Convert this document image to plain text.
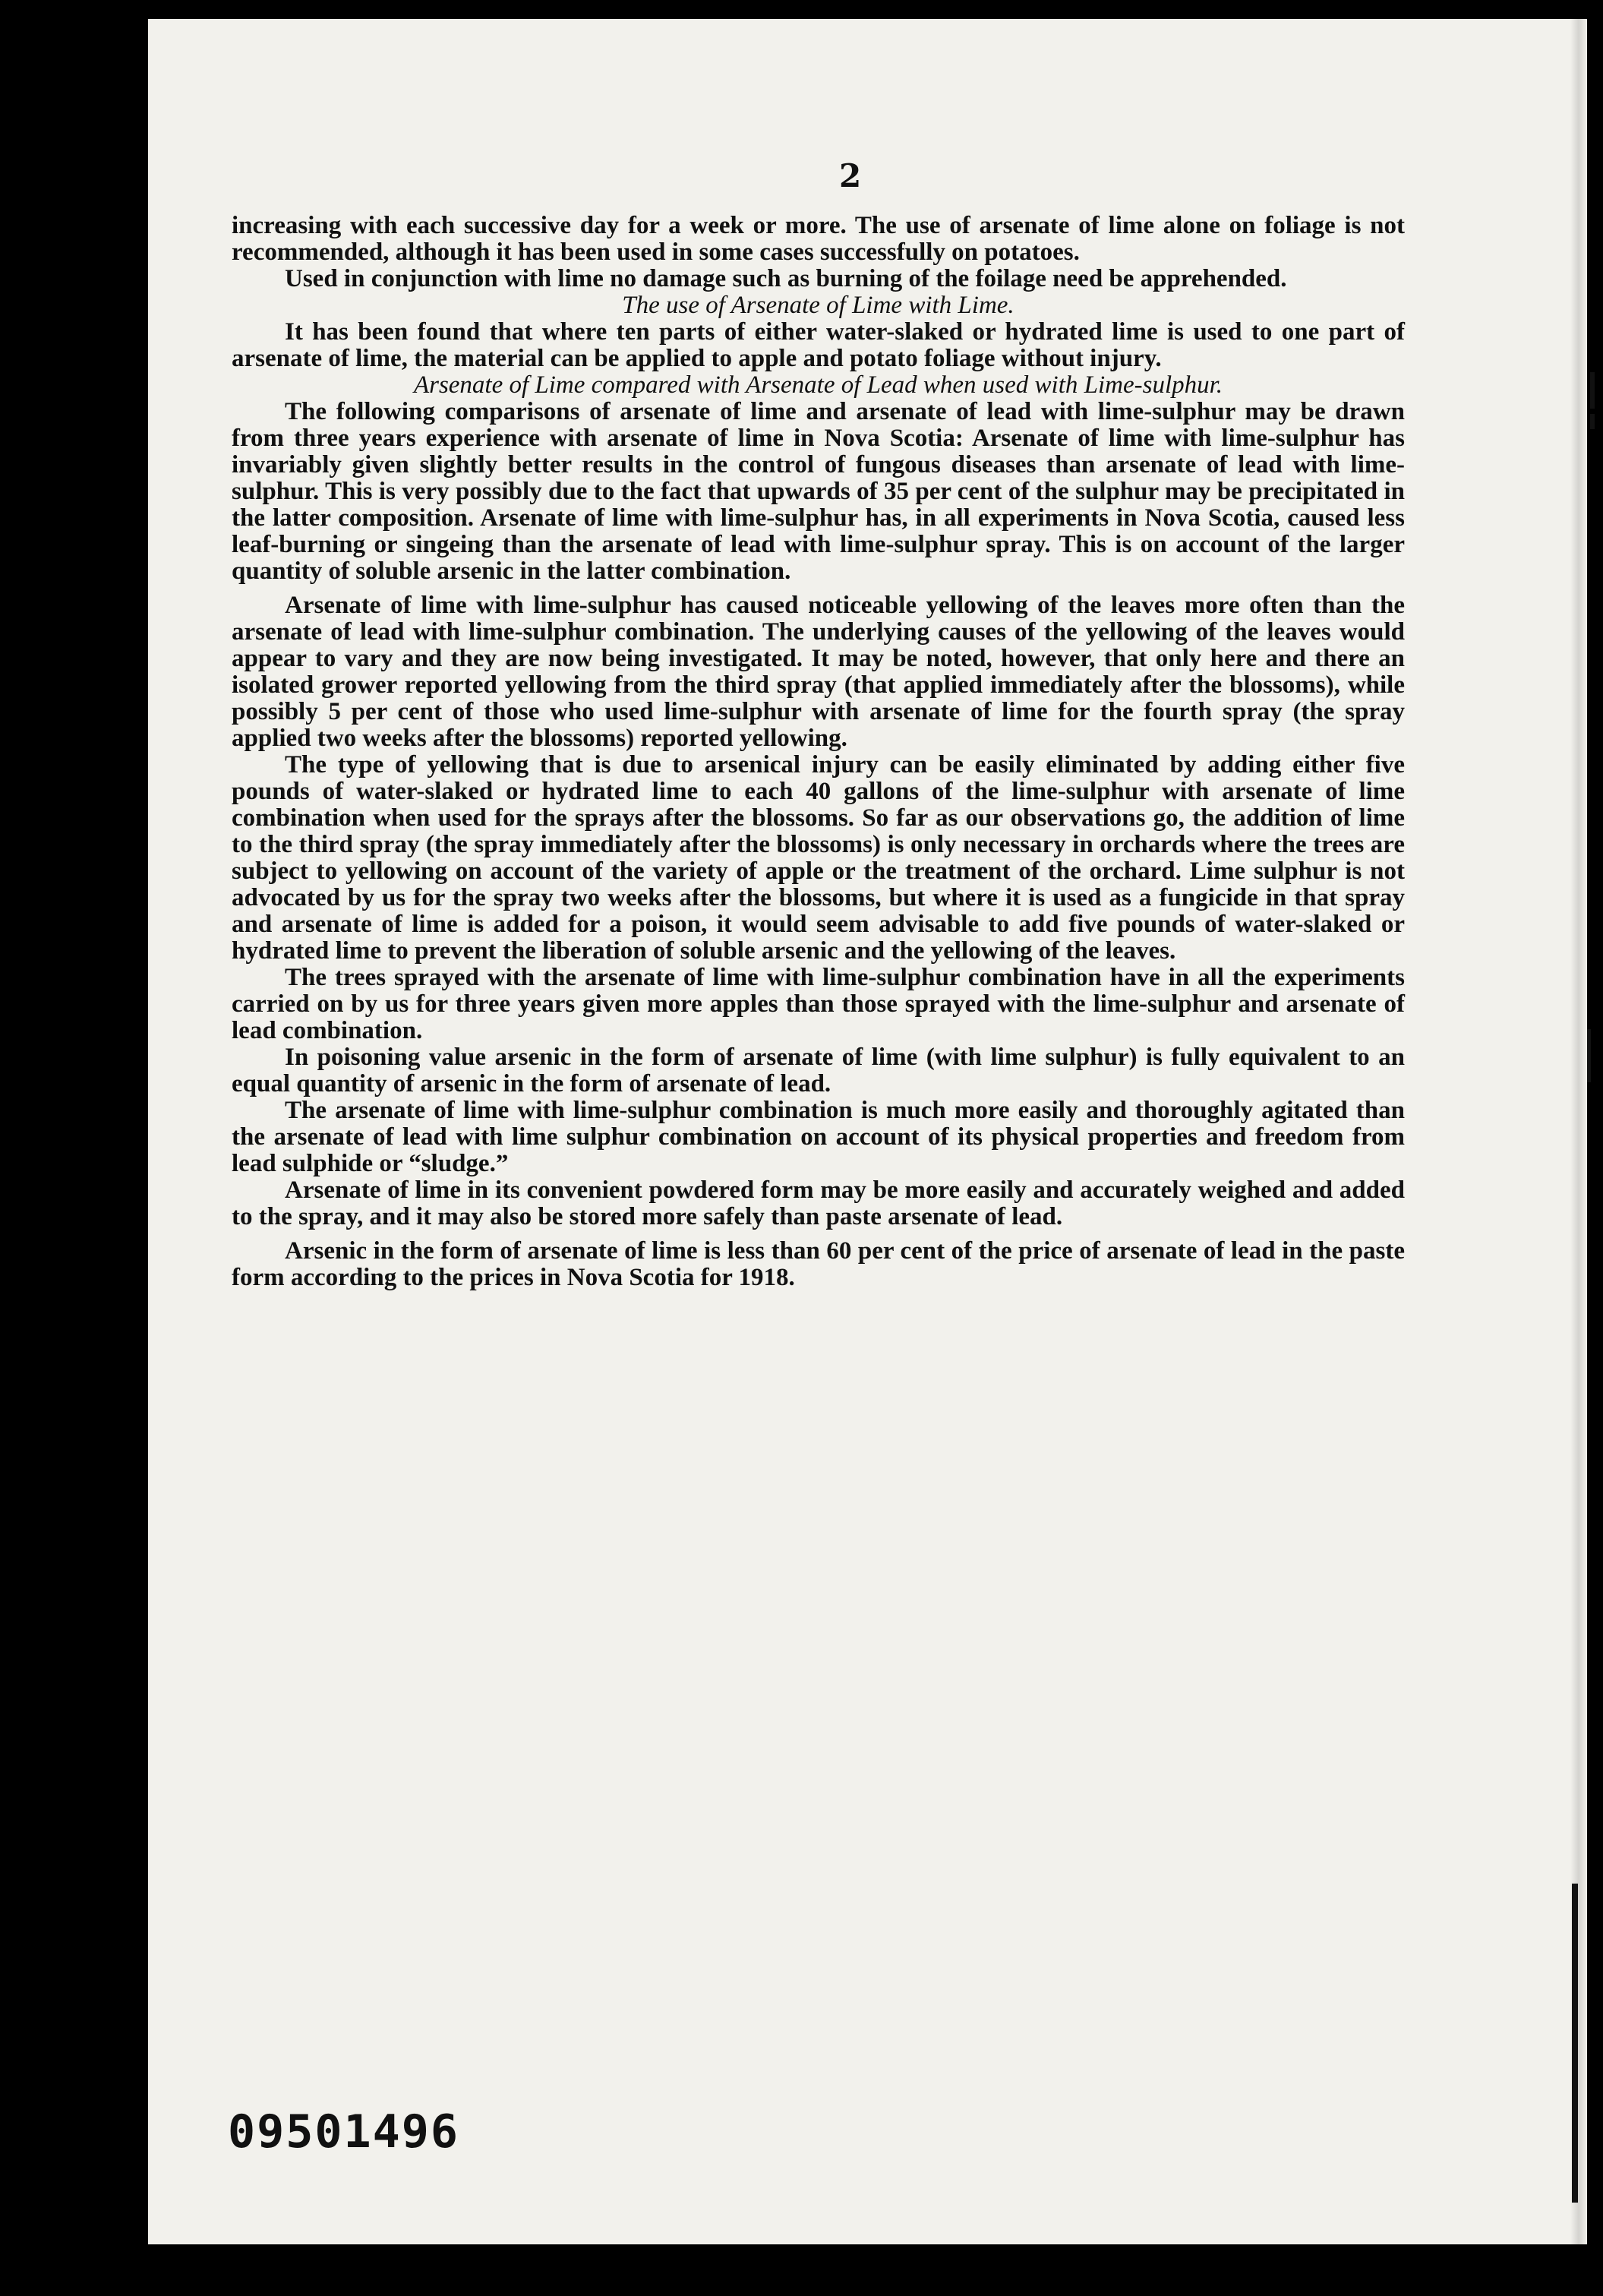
2

increasing with each successive day for a week or more. The use of arsenate of lime alone on foliage is not recommended, although it has been used in some cases successfully on potatoes.

Used in conjunction with lime no damage such as burning of the foilage need be apprehended.

The use of Arsenate of Lime with Lime.

It has been found that where ten parts of either water-slaked or hydrated lime is used to one part of arsenate of lime, the material can be applied to apple and potato foliage without injury.

Arsenate of Lime compared with Arsenate of Lead when used with Lime-sulphur.

The following comparisons of arsenate of lime and arsenate of lead with lime-sulphur may be drawn from three years experience with arsenate of lime in Nova Scotia: Arsenate of lime with lime-sulphur has invariably given slightly better results in the control of fungous diseases than arsenate of lead with lime-sulphur. This is very possibly due to the fact that upwards of 35 per cent of the sulphur may be precipitated in the latter composition. Arsenate of lime with lime-sulphur has, in all experiments in Nova Scotia, caused less leaf-burning or singeing than the arsenate of lead with lime-sulphur spray. This is on account of the larger quantity of soluble arsenic in the latter combination.

Arsenate of lime with lime-sulphur has caused noticeable yellowing of the leaves more often than the arsenate of lead with lime-sulphur combination. The underlying causes of the yellowing of the leaves would appear to vary and they are now being investigated. It may be noted, however, that only here and there an isolated grower reported yellowing from the third spray (that applied immediately after the blossoms), while possibly 5 per cent of those who used lime-sulphur with arsenate of lime for the fourth spray (the spray applied two weeks after the blossoms) reported yellowing.

The type of yellowing that is due to arsenical injury can be easily eliminated by adding either five pounds of water-slaked or hydrated lime to each 40 gallons of the lime-sulphur with arsenate of lime combination when used for the sprays after the blossoms. So far as our observations go, the addition of lime to the third spray (the spray immediately after the blossoms) is only necessary in orchards where the trees are subject to yellowing on account of the variety of apple or the treatment of the orchard. Lime sulphur is not advocated by us for the spray two weeks after the blossoms, but where it is used as a fungicide in that spray and arsenate of lime is added for a poison, it would seem advisable to add five pounds of water-slaked or hydrated lime to prevent the liberation of soluble arsenic and the yellowing of the leaves.

The trees sprayed with the arsenate of lime with lime-sulphur combination have in all the experiments carried on by us for three years given more apples than those sprayed with the lime-sulphur and arsenate of lead combination.

In poisoning value arsenic in the form of arsenate of lime (with lime sulphur) is fully equivalent to an equal quantity of arsenic in the form of arsenate of lead.

The arsenate of lime with lime-sulphur combination is much more easily and thoroughly agitated than the arsenate of lead with lime sulphur combination on account of its physical properties and freedom from lead sulphide or “sludge.”

Arsenate of lime in its convenient powdered form may be more easily and accurately weighed and added to the spray, and it may also be stored more safely than paste arsenate of lead.

Arsenic in the form of arsenate of lime is less than 60 per cent of the price of arsenate of lead in the paste form according to the prices in Nova Scotia for 1918.

09501496
